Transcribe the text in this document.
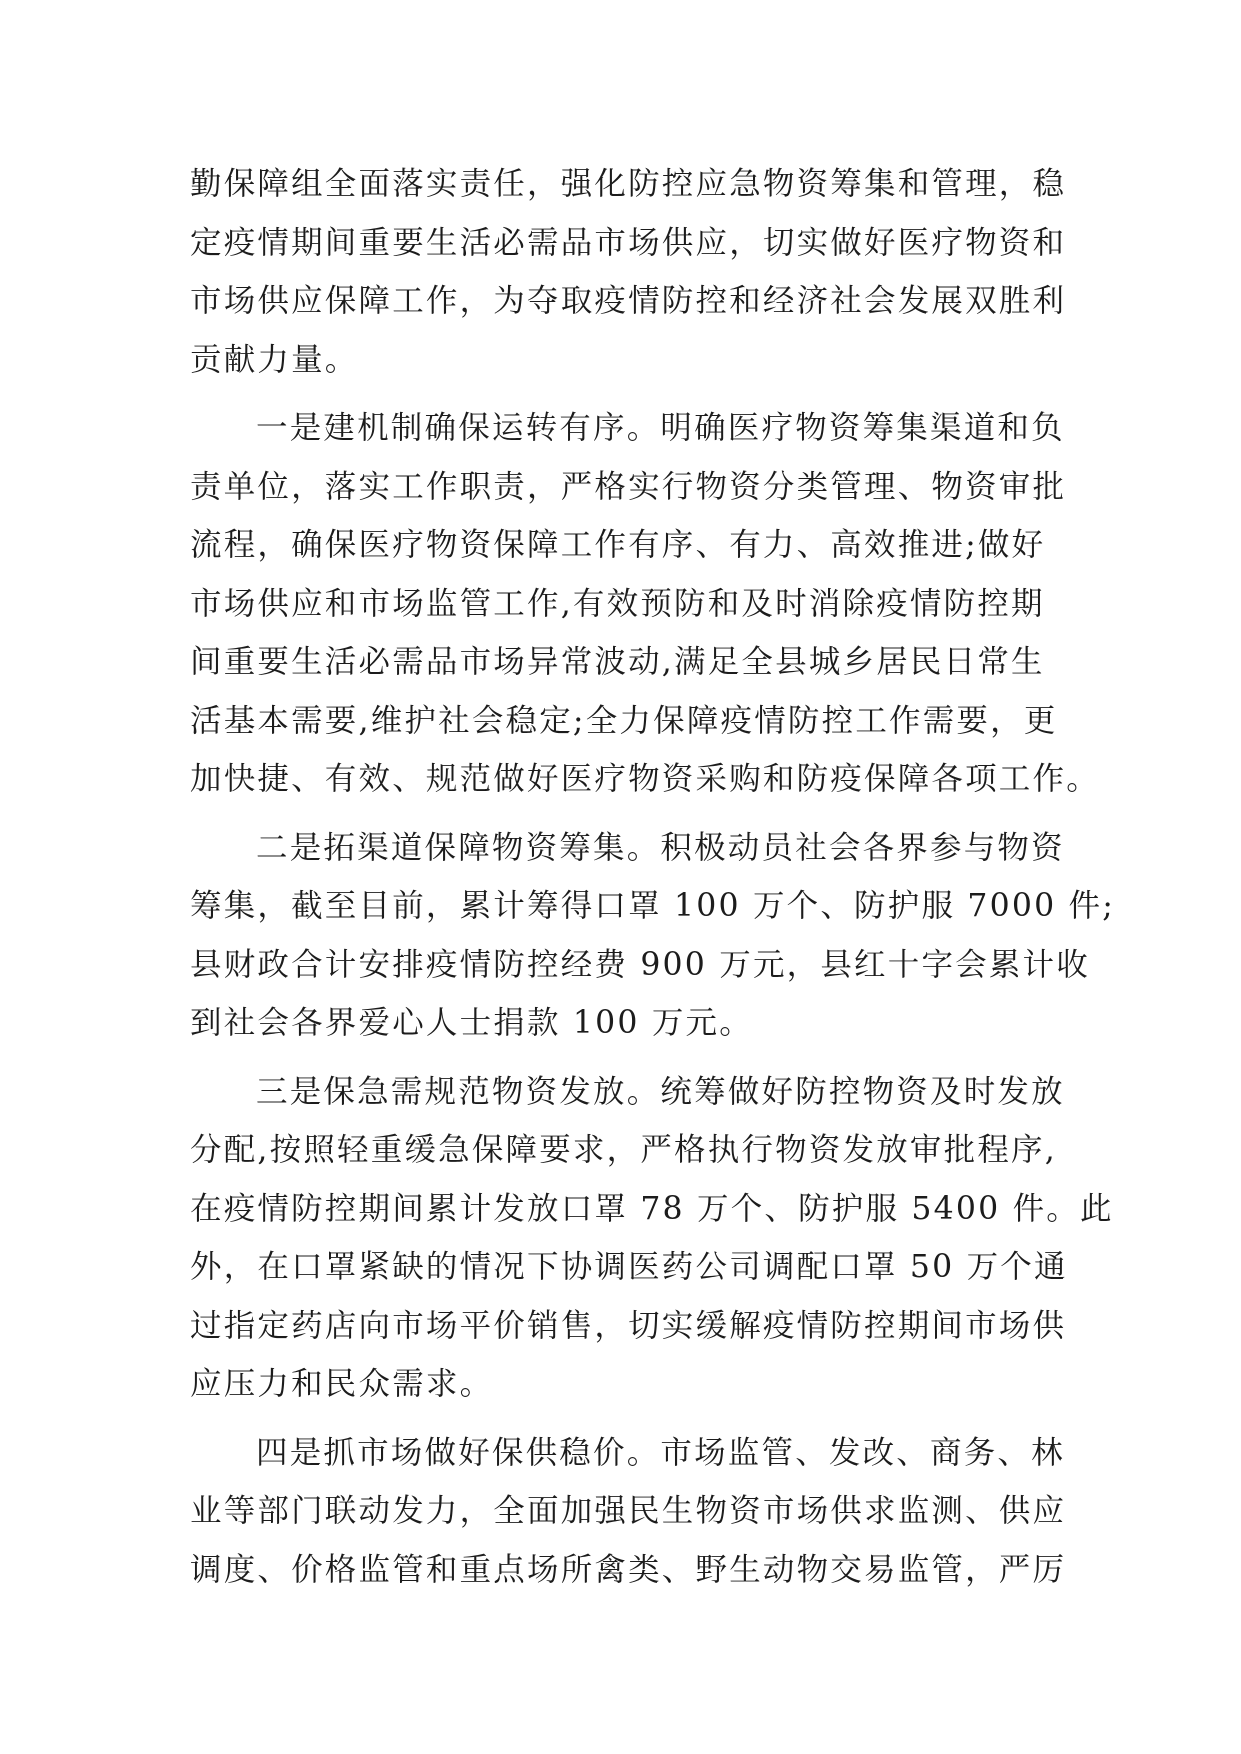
勤保障组全面落实责任，强化防控应急物资筹集和管理，稳
定疫情期间重要生活必需品市场供应，切实做好医疗物资和
市场供应保障工作，为夺取疫情防控和经济社会发展双胜利
贡献力量。
一是建机制确保运转有序。明确医疗物资筹集渠道和负
责单位，落实工作职责，严格实行物资分类管理、物资审批
流程，确保医疗物资保障工作有序、有力、高效推进;做好
市场供应和市场监管工作,有效预防和及时消除疫情防控期
间重要生活必需品市场异常波动,满足全县城乡居民日常生
活基本需要,维护社会稳定;全力保障疫情防控工作需要，更
加快捷、有效、规范做好医疗物资采购和防疫保障各项工作。
二是拓渠道保障物资筹集。积极动员社会各界参与物资
筹集，截至目前，累计筹得口罩 100 万个、防护服 7000 件;
县财政合计安排疫情防控经费 900 万元，县红十字会累计收
到社会各界爱心人士捐款 100 万元。
三是保急需规范物资发放。统筹做好防控物资及时发放
分配,按照轻重缓急保障要求，严格执行物资发放审批程序,
在疫情防控期间累计发放口罩 78 万个、防护服 5400 件。此
外，在口罩紧缺的情况下协调医药公司调配口罩 50 万个通
过指定药店向市场平价销售，切实缓解疫情防控期间市场供
应压力和民众需求。
四是抓市场做好保供稳价。市场监管、发改、商务、林
业等部门联动发力，全面加强民生物资市场供求监测、供应
调度、价格监管和重点场所禽类、野生动物交易监管，严厉
